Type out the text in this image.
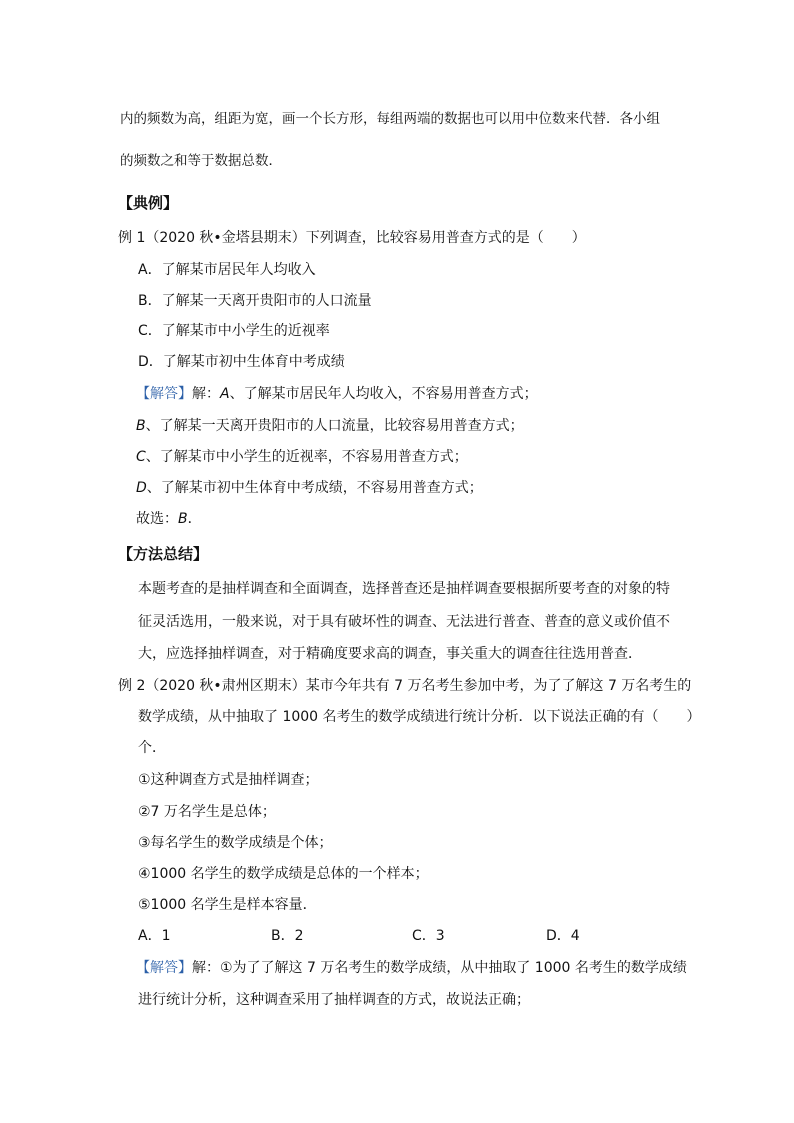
内的频数为高，组距为宽，画一个长方形，每组两端的数据也可以用中位数来代替．各小组
的频数之和等于数据总数．
【典例】
例 1（2020 秋•金塔县期末）下列调查，比较容易用普查方式的是（　　）
A．了解某市居民年人均收入
B．了解某一天离开贵阳市的人口流量
C．了解某市中小学生的近视率
D．了解某市初中生体育中考成绩
【解答】解：A、了解某市居民年人均收入，不容易用普查方式；
B、了解某一天离开贵阳市的人口流量，比较容易用普查方式；
C、了解某市中小学生的近视率，不容易用普查方式；
D、了解某市初中生体育中考成绩，不容易用普查方式；
故选：B．
【方法总结】
本题考查的是抽样调查和全面调查，选择普查还是抽样调查要根据所要考查的对象的特
征灵活选用，一般来说，对于具有破坏性的调查、无法进行普查、普查的意义或价值不
大，应选择抽样调查，对于精确度要求高的调查，事关重大的调查往往选用普查．
例 2（2020 秋•肃州区期末）某市今年共有 7 万名考生参加中考，为了了解这 7 万名考生的
数学成绩，从中抽取了 1000 名考生的数学成绩进行统计分析．以下说法正确的有（　　）
个．
①这种调查方式是抽样调查；
②7 万名学生是总体；
③每名学生的数学成绩是个体；
④1000 名学生的数学成绩是总体的一个样本；
⑤1000 名学生是样本容量．
A．1	B．2	C．3	D．4
【解答】解：①为了了解这 7 万名考生的数学成绩，从中抽取了 1000 名考生的数学成绩
进行统计分析，这种调查采用了抽样调查的方式，故说法正确；
